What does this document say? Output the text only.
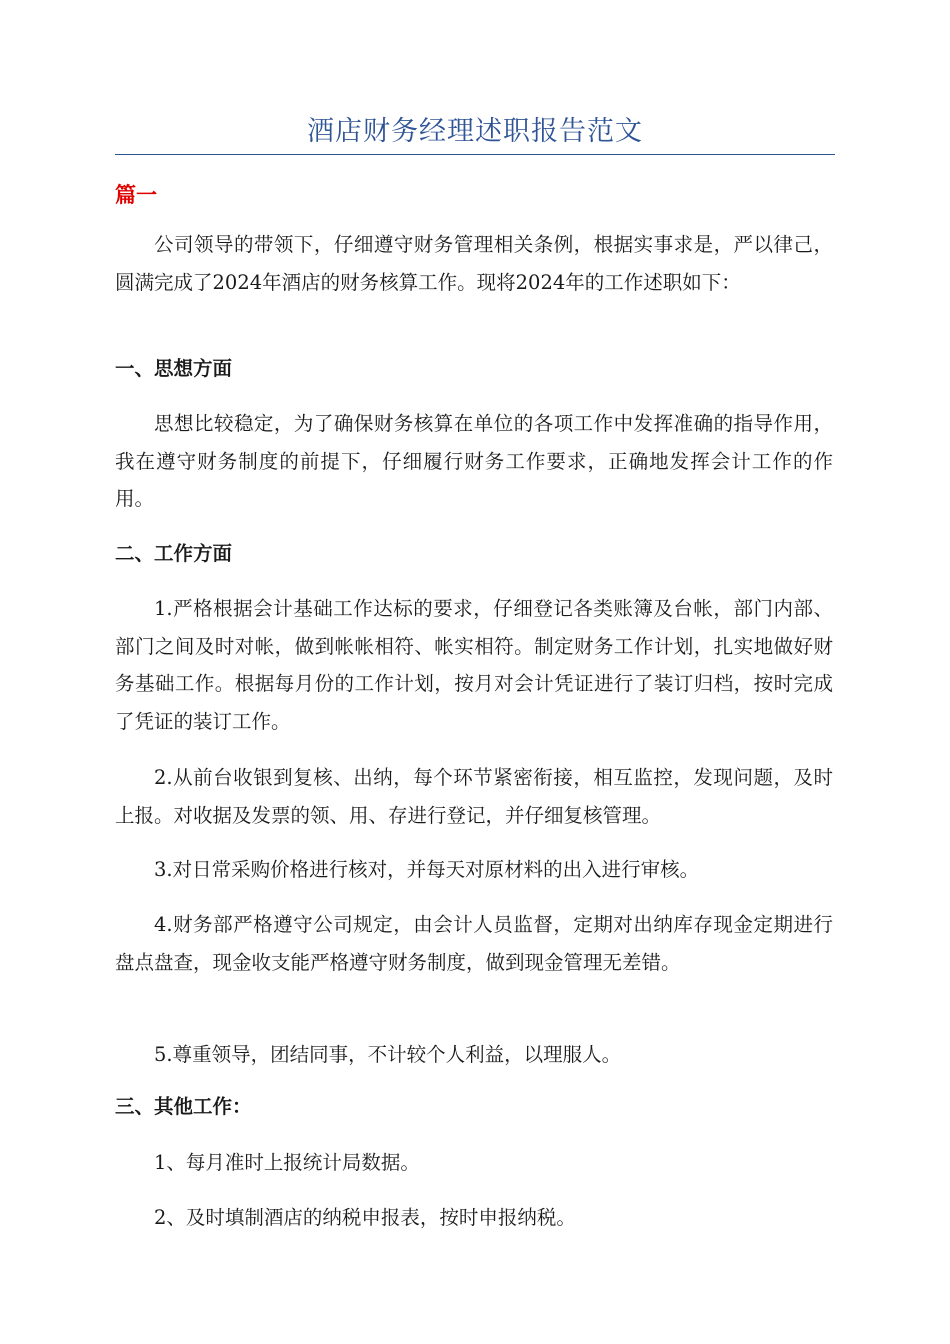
酒店财务经理述职报告范文
篇一

公司领导的带领下，仔细遵守财务管理相关条例，根据实事求是，严以律己，圆满完成了2024年酒店的财务核算工作。现将2024年的工作述职如下：

一、思想方面

思想比较稳定，为了确保财务核算在单位的各项工作中发挥准确的指导作用，我在遵守财务制度的前提下，仔细履行财务工作要求，正确地发挥会计工作的作用。

二、工作方面

1.严格根据会计基础工作达标的要求，仔细登记各类账簿及台帐，部门内部、部门之间及时对帐，做到帐帐相符、帐实相符。制定财务工作计划，扎实地做好财务基础工作。根据每月份的工作计划，按月对会计凭证进行了装订归档，按时完成了凭证的装订工作。

2.从前台收银到复核、出纳，每个环节紧密衔接，相互监控，发现问题，及时上报。对收据及发票的领、用、存进行登记，并仔细复核管理。

3.对日常采购价格进行核对，并每天对原材料的出入进行审核。

4.财务部严格遵守公司规定，由会计人员监督，定期对出纳库存现金定期进行盘点盘查，现金收支能严格遵守财务制度，做到现金管理无差错。

5.尊重领导，团结同事，不计较个人利益，以理服人。

三、其他工作：

1、每月准时上报统计局数据。

2、及时填制酒店的纳税申报表，按时申报纳税。
